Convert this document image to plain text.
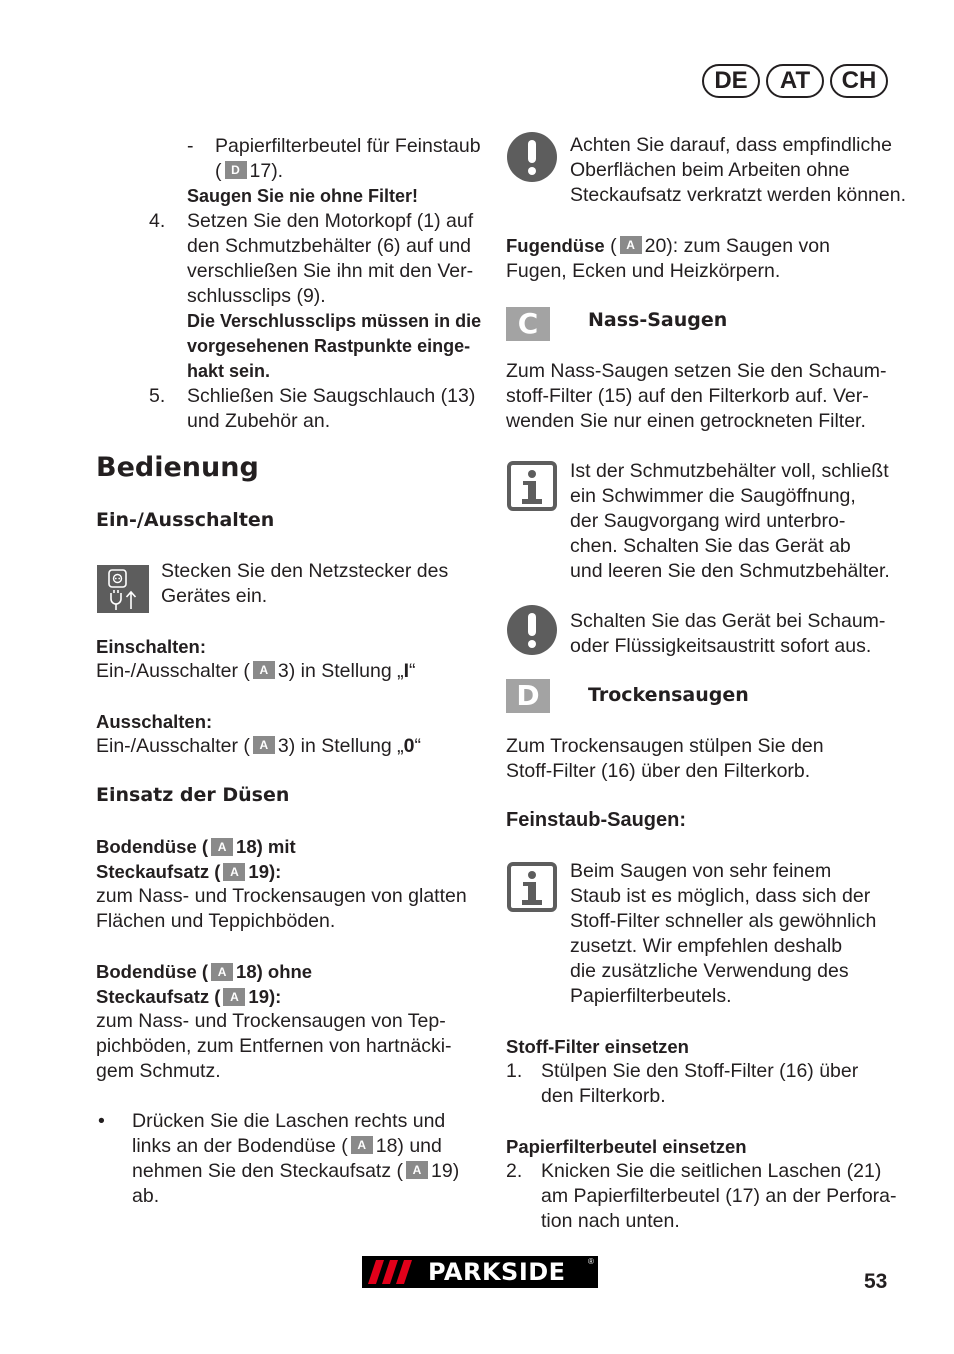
DE	AT	CH
- Papierfilterbeutel für Feinstaub
( D 17).
Saugen Sie nie ohne Filter!
4. Setzen Sie den Motorkopf (1) auf
den Schmutzbehälter (6) auf und
verschließen Sie ihn mit den Ver-
schlussclips (9).
Die Verschlussclips müssen in die
vorgesehenen Rastpunkte einge-
hakt sein.
5. Schließen Sie Saugschlauch (13)
und Zubehör an.
Bedienung
Ein-/Ausschalten
Stecken Sie den Netzstecker des
Gerätes ein.
Einschalten:
Ein-/Ausschalter ( A 3) in Stellung „I“
Ausschalten:
Ein-/Ausschalter ( A 3) in Stellung „0“
Einsatz der Düsen
Bodendüse ( A 18) mit
Steckaufsatz ( A 19):
zum Nass- und Trockensaugen von glatten
Flächen und Teppichböden.
Bodendüse ( A 18) ohne
Steckaufsatz ( A 19):
zum Nass- und Trockensaugen von Tep-
pichböden, zum Entfernen von hartnäcki-
gem Schmutz.
• Drücken Sie die Laschen rechts und
links an der Bodendüse ( A 18) und
nehmen Sie den Steckaufsatz ( A 19)
ab.
Achten Sie darauf, dass empfindliche
Oberflächen beim Arbeiten ohne
Steckaufsatz verkratzt werden können.
Fugendüse ( A 20): zum Saugen von
Fugen, Ecken und Heizkörpern.
C	Nass-Saugen
Zum Nass-Saugen setzen Sie den Schaum-
stoff-Filter (15) auf den Filterkorb auf. Ver-
wenden Sie nur einen getrockneten Filter.
Ist der Schmutzbehälter voll, schließt
ein Schwimmer die Saugöffnung,
der Saugvorgang wird unterbro-
chen. Schalten Sie das Gerät ab
und leeren Sie den Schmutzbehälter.
Schalten Sie das Gerät bei Schaum-
oder Flüssigkeitsaustritt sofort aus.
D	Trockensaugen
Zum Trockensaugen stülpen Sie den
Stoff-Filter (16) über den Filterkorb.
Feinstaub-Saugen:
Beim Saugen von sehr feinem
Staub ist es möglich, dass sich der
Stoff-Filter schneller als gewöhnlich
zusetzt. Wir empfehlen deshalb
die zusätzliche Verwendung des
Papierfilterbeutels.
Stoff-Filter einsetzen
1. Stülpen Sie den Stoff-Filter (16) über
den Filterkorb.
Papierfilterbeutel einsetzen
2. Knicken Sie die seitlichen Laschen (21)
am Papierfilterbeutel (17) an der Perfora-
tion nach unten.
PARKSIDE	®
53
